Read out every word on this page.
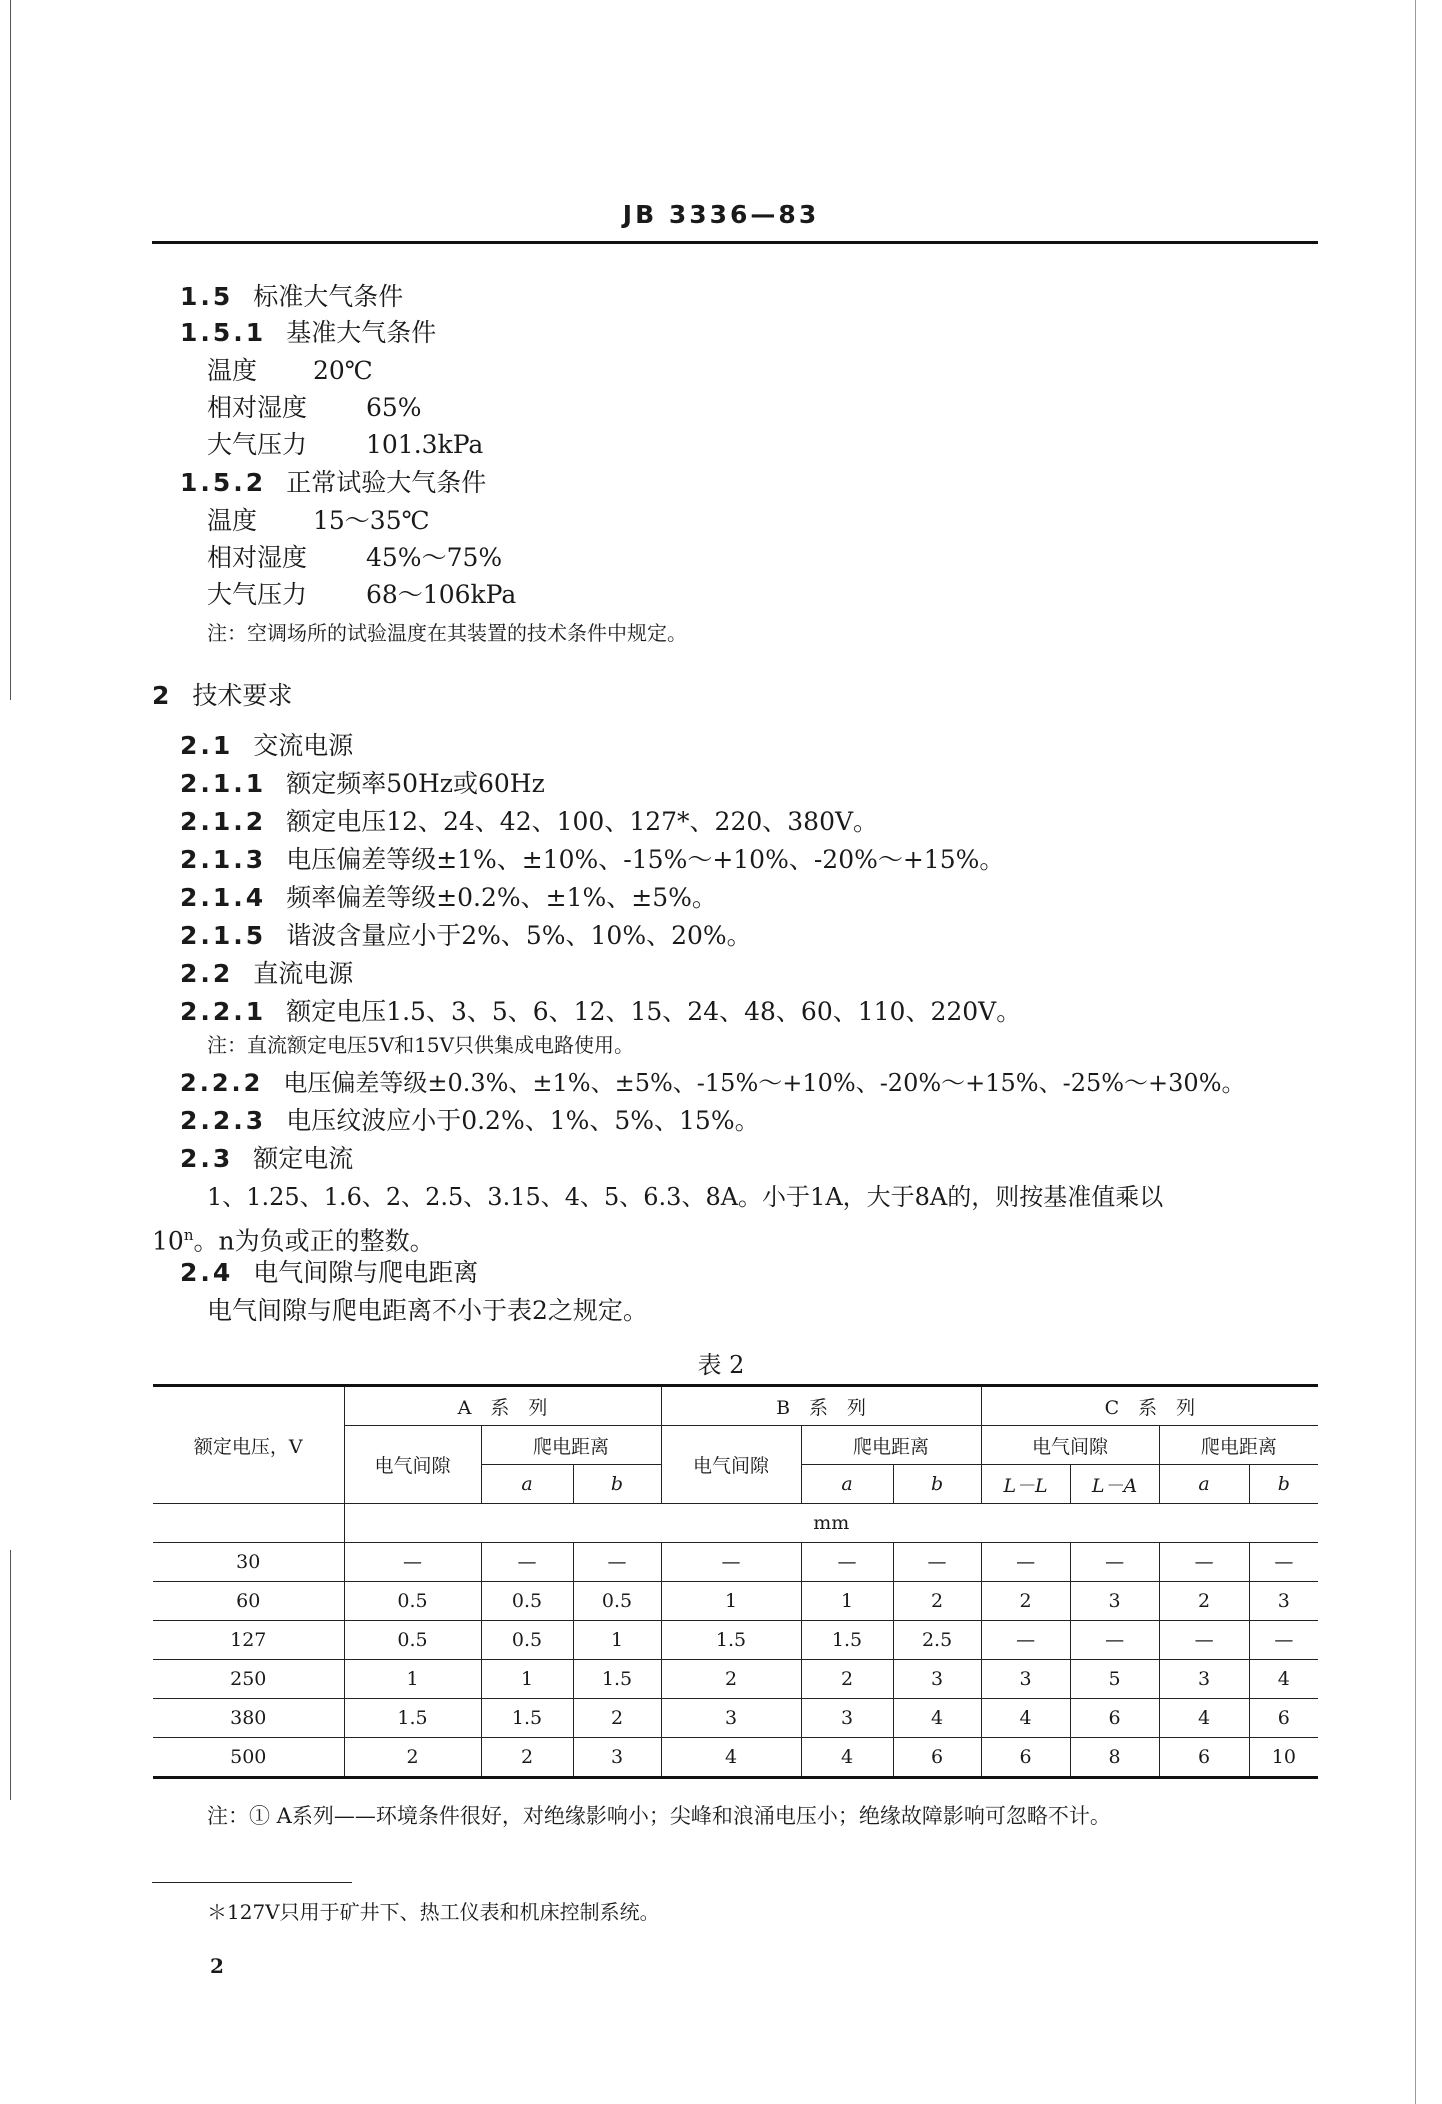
JB 3336—83
1.5 标准大气条件
1.5.1 基准大气条件
温度 20℃
相对湿度 65%
大气压力 101.3kPa
1.5.2 正常试验大气条件
温度 15～35℃
相对湿度 45%～75%
大气压力 68～106kPa
注：空调场所的试验温度在其装置的技术条件中规定。
2 技术要求
2.1 交流电源
2.1.1 额定频率50Hz或60Hz
2.1.2 额定电压12、24、42、100、127*、220、380V。
2.1.3 电压偏差等级±1%、±10%、-15%～+10%、-20%～+15%。
2.1.4 频率偏差等级±0.2%、±1%、±5%。
2.1.5 谐波含量应小于2%、5%、10%、20%。
2.2 直流电源
2.2.1 额定电压1.5、3、5、6、12、15、24、48、60、110、220V。
注：直流额定电压5V和15V只供集成电路使用。
2.2.2 电压偏差等级±0.3%、±1%、±5%、-15%～+10%、-20%～+15%、-25%～+30%。
2.2.3 电压纹波应小于0.2%、1%、5%、15%。
2.3 额定电流
1、1.25、1.6、2、2.5、3.15、4、5、6.3、8A。小于1A，大于8A的，则按基准值乘以
10$^n$。n为负或正的整数。
2.4 电气间隙与爬电距离
电气间隙与爬电距离不小于表2之规定。
表 2
额定电压，V	A　系　列			B　系　列			C　系　列			
	电气间隙	爬电距离		电气间隙	爬电距离		电气间隙		爬电距离	
		a	b		a	b	L－L	L－A	a	b
	mm									
30	—	—	—	—	—	—	—	—	—	—
60	0.5	0.5	0.5	1	1	2	2	3	2	3
127	0.5	0.5	1	1.5	1.5	2.5	—	—	—	—
250	1	1	1.5	2	2	3	3	5	3	4
380	1.5	1.5	2	3	3	4	4	6	4	6
500	2	2	3	4	4	6	6	8	6	10
注：① A系列——环境条件很好，对绝缘影响小；尖峰和浪涌电压小；绝缘故障影响可忽略不计。
＊127V只用于矿井下、热工仪表和机床控制系统。
2
